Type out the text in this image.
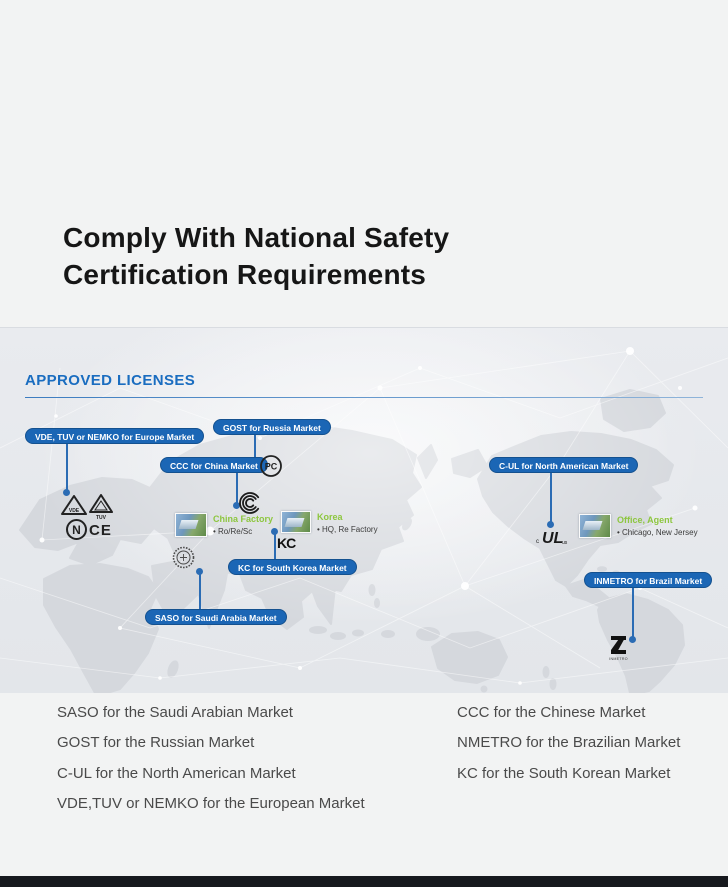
Comply With National Safety
Certification Requirements
APPROVED LICENSES
VDE, TUV or NEMKO for Europe Market
GOST for Russia Market
CCC for China Market
KC for South Korea Market
SASO for Saudi Arabia Market
C-UL for North American Market
INMETRO for Brazil Market
VDE
TUV
N CE
PC
KC	c UL
us
INMETRO
China Factory
• Ro/Re/Sc
Korea
• HQ, Re Factory
Office, Agent
• Chicago, New Jersey
SASO for the Saudi Arabian Market
GOST for the Russian Market
C-UL for the North American Market
VDE,TUV or NEMKO for the European Market
CCC for the Chinese Market
NMETRO for the Brazilian Market
KC for the South Korean Market
